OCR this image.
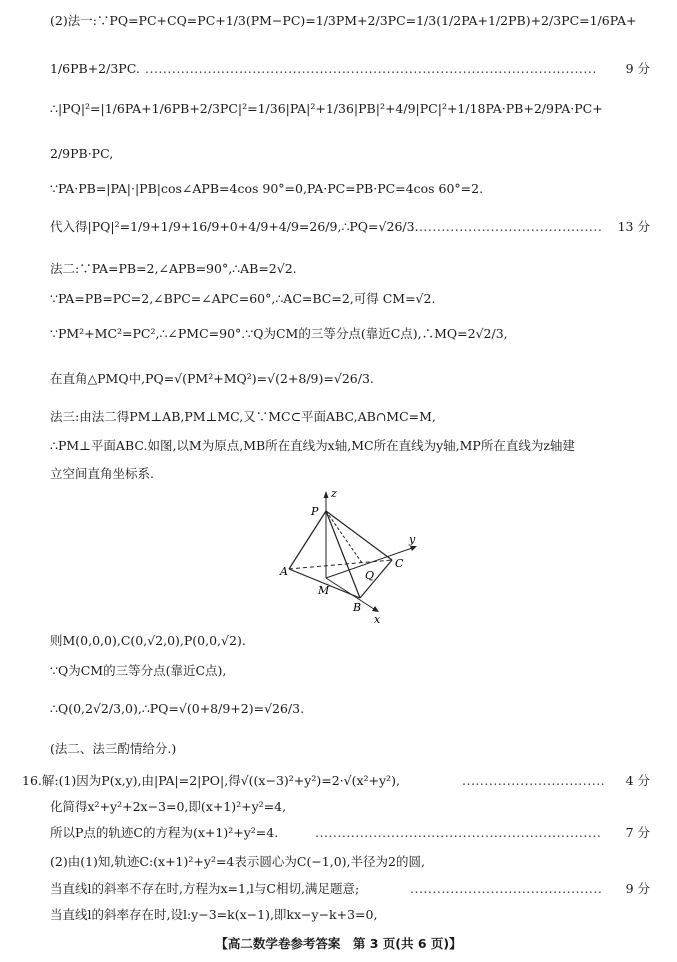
(2)法一:∵PQ=PC+CQ=PC+1/3(PM−PC)=1/3PM+2/3PC=1/3(1/2PA+1/2PB)+2/3PC=1/6PA+
1/6PB+2/3PC.
∴|PQ|²=|1/6PA+1/6PB+2/3PC|²=1/36|PA|²+1/36|PB|²+4/9|PC|²+1/18PA·PB+2/9PA·PC+
2/9PB·PC,
∵PA·PB=|PA|·|PB|cos∠APB=4cos 90°=0,PA·PC=PB·PC=4cos 60°=2.
代入得|PQ|²=1/9+1/9+16/9+0+4/9+4/9=26/9,∴PQ=√26/3.
法二:∵PA=PB=2,∠APB=90°,∴AB=2√2.
∵PA=PB=PC=2,∠BPC=∠APC=60°,∴AC=BC=2,可得 CM=√2.
∵PM²+MC²=PC²,∴∠PMC=90°.∵Q为CM的三等分点(靠近C点),∴MQ=2√2/3,
在直角△PMQ中,PQ=√(PM²+MQ²)=√(2+8/9)=√26/3.
法三:由法二得PM⊥AB,PM⊥MC,又∵MC⊂平面ABC,AB∩MC=M,
∴PM⊥平面ABC.如图,以M为原点,MB所在直线为x轴,MC所在直线为y轴,MP所在直线为z轴建
立空间直角坐标系.
则M(0,0,0),C(0,√2,0),P(0,0,√2).
∵Q为CM的三等分点(靠近C点),
∴Q(0,2√2/3,0),∴PQ=√(0+8/9+2)=√26/3.
(法二、法三酌情给分.)
16.解:(1)因为P(x,y),由|PA|=2|PO|,得√((x−3)²+y²)=2·√(x²+y²),
化简得x²+y²+2x−3=0,即(x+1)²+y²=4,
所以P点的轨迹C的方程为(x+1)²+y²=4.
(2)由(1)知,轨迹C:(x+1)²+y²=4表示圆心为C(−1,0),半径为2的圆,
当直线l的斜率不存在时,方程为x=1,l与C相切,满足题意;
当直线l的斜率存在时,设l:y−3=k(x−1),即kx−y−k+3=0,
..................................................................................................... 9 分
........................................... 13 分
................................ 4 分
................................................................ 7 分
........................................... 9 分
z
P
y
A	Q
C
M
B
x
【高二数学卷参考答案　第 3 页(共 6 页)】
